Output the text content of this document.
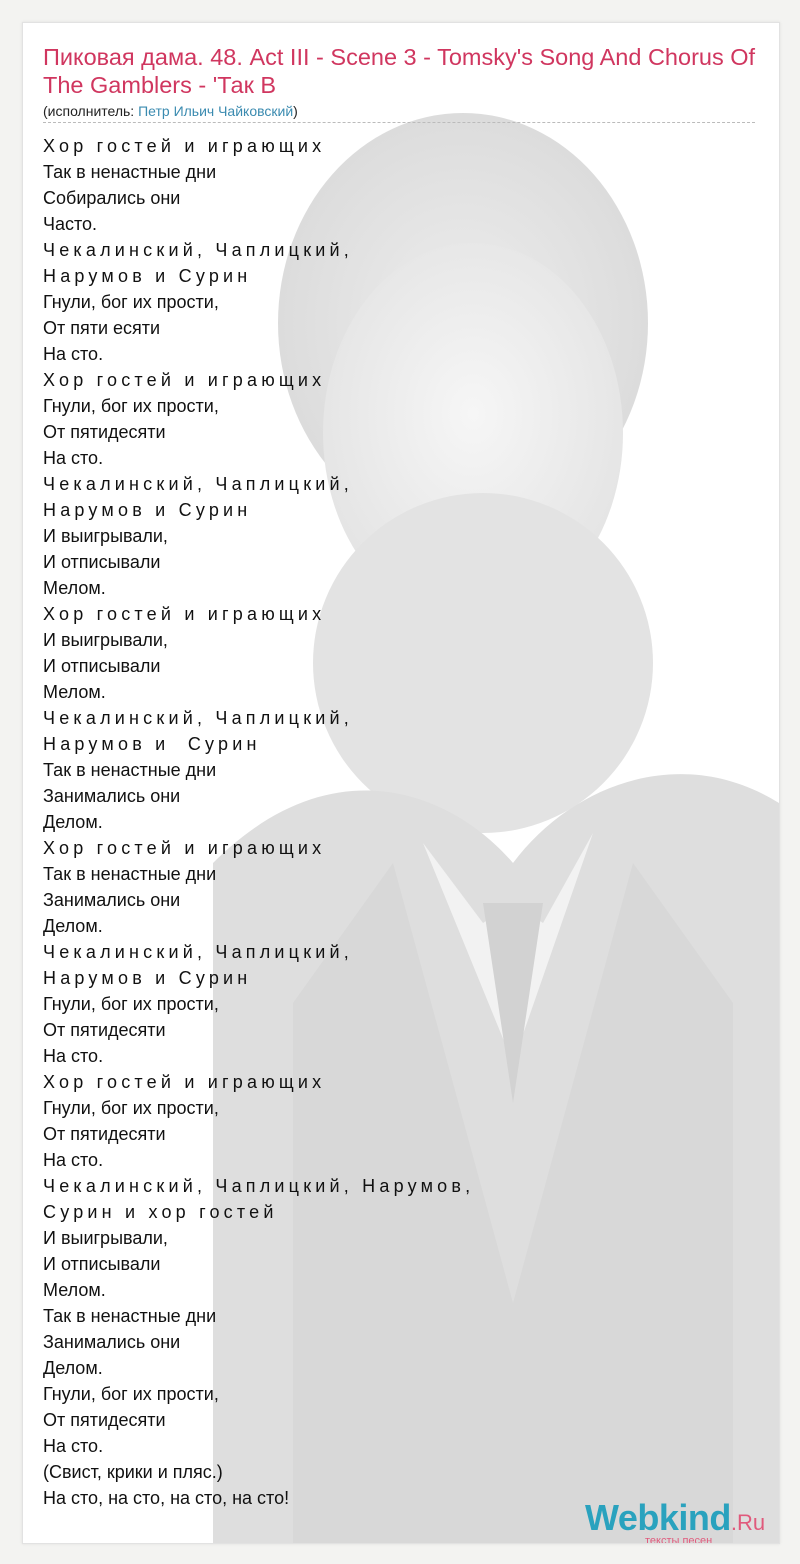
Пиковая дама. 48. Act III - Scene 3 - Tomsky's Song And Chorus Of The Gamblers - 'Так В
(исполнитель: Петр Ильич Чайковский)
Хор гостей и играющих
Так в ненастные дни
Собирались они
Часто.
Чекалинский, Чаплицкий,
Нарумов и Сурин
Гнули, бог их прости,
От пяти есяти
На сто.
Хор гостей и играющих
Гнули, бог их прости,
От пятидесяти
На сто.
Чекалинский, Чаплицкий,
Нарумов и Сурин
И выигрывали,
И отписывали
Мелом.
Хор гостей и играющих
И выигрывали,
И отписывали
Мелом.
Чекалинский, Чаплицкий,
Нарумов и  Сурин
Так в ненастные дни
Занимались они
Делом.
Хор гостей и играющих
Так в ненастные дни
Занимались они
Делом.
Чекалинский, Чаплицкий,
Нарумов и Сурин
Гнули, бог их прости,
От пятидесяти
На сто.
Хор гостей и играющих
Гнули, бог их прости,
От пятидесяти
На сто.
Чекалинский, Чаплицкий, Нарумов,
Сурин и хор гостей
И выигрывали,
И отписывали
Мелом.
Так в ненастные дни
Занимались они
Делом.
Гнули, бог их прости,
От пятидесяти
На сто.
(Свист, крики и пляс.)
На сто, на сто, на сто, на сто!	Webkind.Ru
тексты песен
